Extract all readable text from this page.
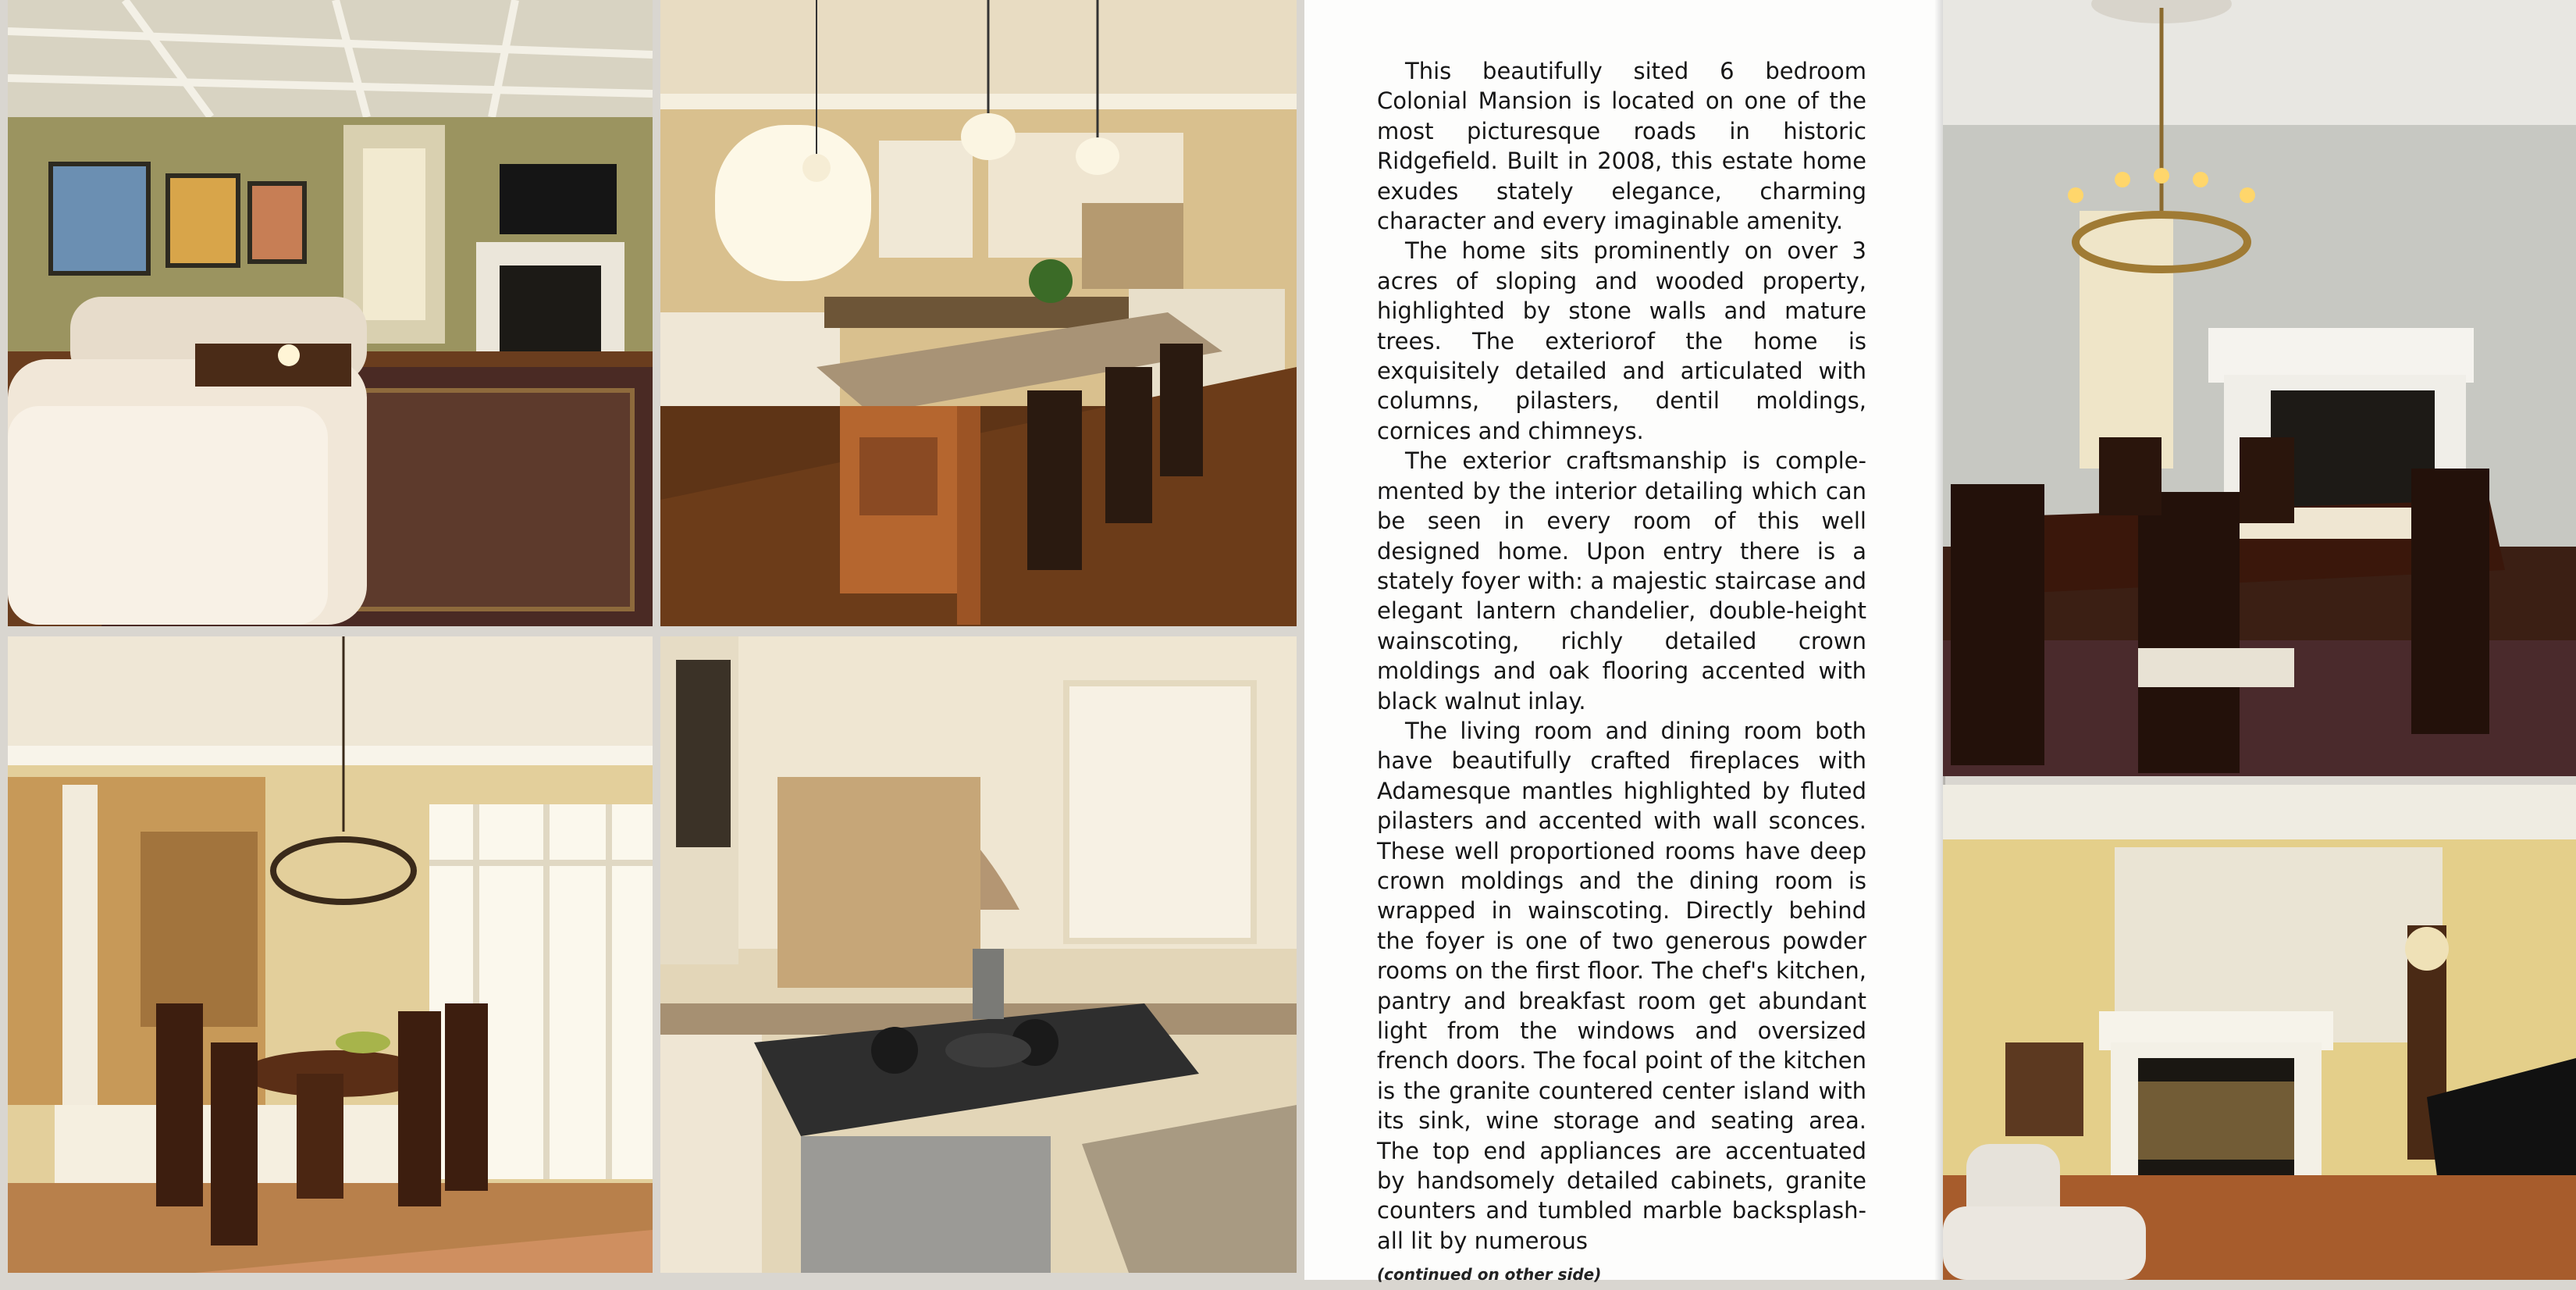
This beautifully sited 6 bedroom Colonial Mansion is located on one of the most picturesque roads in historic Ridgefield. Built in 2008, this estate home exudes stately elegance, charming character and every imaginable amenity.

The home sits prominently on over 3 acres of sloping and wooded property, highlighted by stone walls and mature trees. The exteriorof the home is exquisitely detailed and articulated with columns, pilasters, dentil moldings, cornices and chimneys.

The exterior craftsmanship is complemented by the interior detailing which can be seen in every room of this well designed home. Upon entry there is a stately foyer with: a majestic staircase and elegant lantern chandelier, double-height wainscoting, richly detailed crown moldings and oak flooring accented with black walnut inlay.

The living room and dining room both have beautifully crafted fireplaces with Adamesque mantles highlighted by fluted pilasters and accented with wall sconces. These well proportioned rooms have deep crown moldings and the dining room is wrapped in wainscoting. Directly behind the foyer is one of two generous powder rooms on the first floor. The chef's kitchen, pantry and breakfast room get abundant light from the windows and oversized french doors. The focal point of the kitchen is the granite countered center island with its sink, wine storage and seating area. The top end appliances are accentuated by handsomely detailed cabinets, granite counters and tumbled marble backsplash-all lit by numerous

(continued on other side)
